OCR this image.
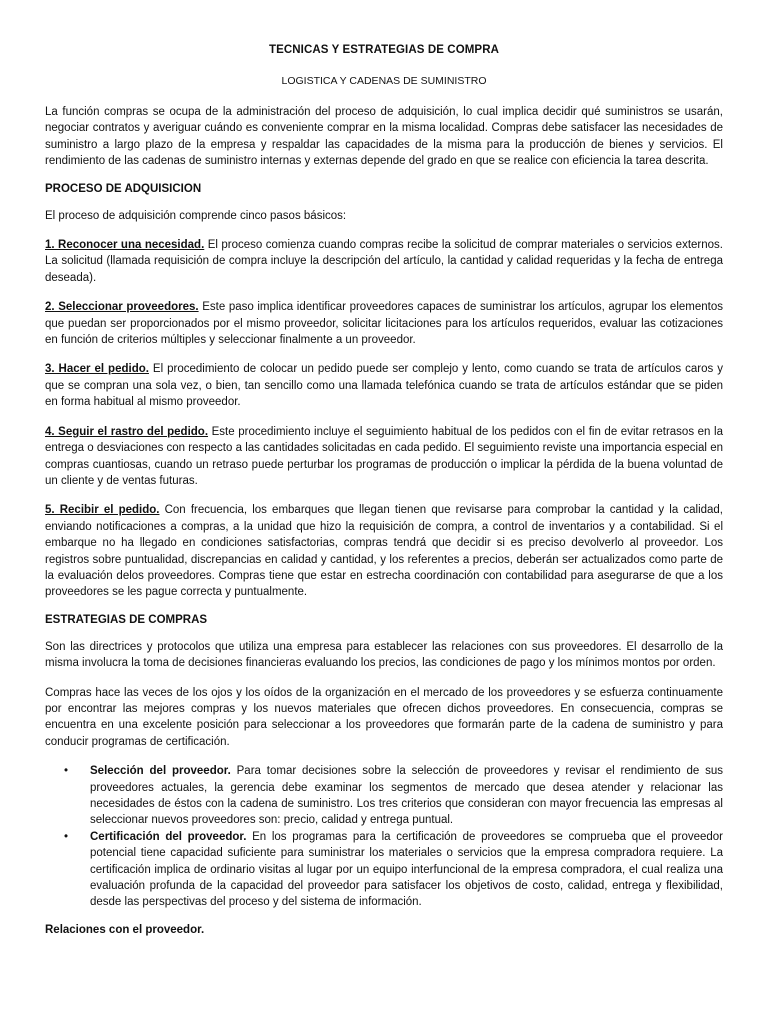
TECNICAS Y ESTRATEGIAS DE COMPRA
LOGISTICA Y CADENAS DE SUMINISTRO

La función compras se ocupa de la administración del proceso de adquisición, lo cual implica decidir qué suministros se usarán, negociar contratos y averiguar cuándo es conveniente comprar en la misma localidad. Compras debe satisfacer las necesidades de suministro a largo plazo de la empresa y respaldar las capacidades de la misma para la producción de bienes y servicios. El rendimiento de las cadenas de suministro internas y externas depende del grado en que se realice con eficiencia la tarea descrita.

PROCESO DE ADQUISICION

El proceso de adquisición comprende cinco pasos básicos:

1. Reconocer una necesidad. El proceso comienza cuando compras recibe la solicitud de comprar materiales o servicios externos. La solicitud (llamada requisición de compra incluye la descripción del artículo, la cantidad y calidad requeridas y la fecha de entrega deseada).

2. Seleccionar proveedores. Este paso implica identificar proveedores capaces de suministrar los artículos, agrupar los elementos que puedan ser proporcionados por el mismo proveedor, solicitar licitaciones para los artículos requeridos, evaluar las cotizaciones en función de criterios múltiples y seleccionar finalmente a un proveedor.

3. Hacer el pedido. El procedimiento de colocar un pedido puede ser complejo y lento, como cuando se trata de artículos caros y que se compran una sola vez, o bien, tan sencillo como una llamada telefónica cuando se trata de artículos estándar que se piden en forma habitual al mismo proveedor.

4. Seguir el rastro del pedido. Este procedimiento incluye el seguimiento habitual de los pedidos con el fin de evitar retrasos en la entrega o desviaciones con respecto a las cantidades solicitadas en cada pedido. El seguimiento reviste una importancia especial en compras cuantiosas, cuando un retraso puede perturbar los programas de producción o implicar la pérdida de la buena voluntad de un cliente y de ventas futuras.

5. Recibir el pedido. Con frecuencia, los embarques que llegan tienen que revisarse para comprobar la cantidad y la calidad, enviando notificaciones a compras, a la unidad que hizo la requisición de compra, a control de inventarios y a contabilidad. Si el embarque no ha llegado en condiciones satisfactorias, compras tendrá que decidir si es preciso devolverlo al proveedor. Los registros sobre puntualidad, discrepancias en calidad y cantidad, y los referentes a precios, deberán ser actualizados como parte de la evaluación delos proveedores. Compras tiene que estar en estrecha coordinación con contabilidad para asegurarse de que a los proveedores se les pague correcta y puntualmente.

ESTRATEGIAS DE COMPRAS

Son las directrices y protocolos que utiliza una empresa para establecer las relaciones con sus proveedores. El desarrollo de la misma involucra la toma de decisiones financieras evaluando los precios, las condiciones de pago y los mínimos montos por orden.

Compras hace las veces de los ojos y los oídos de la organización en el mercado de los proveedores y se esfuerza continuamente por encontrar las mejores compras y los nuevos materiales que ofrecen dichos proveedores. En consecuencia, compras se encuentra en una excelente posición para seleccionar a los proveedores que formarán parte de la cadena de suministro y para conducir programas de certificación.

• Selección del proveedor. Para tomar decisiones sobre la selección de proveedores y revisar el rendimiento de sus proveedores actuales, la gerencia debe examinar los segmentos de mercado que desea atender y relacionar las necesidades de éstos con la cadena de suministro. Los tres criterios que consideran con mayor frecuencia las empresas al seleccionar nuevos proveedores son: precio, calidad y entrega puntual.
• Certificación del proveedor. En los programas para la certificación de proveedores se comprueba que el proveedor potencial tiene capacidad suficiente para suministrar los materiales o servicios que la empresa compradora requiere. La certificación implica de ordinario visitas al lugar por un equipo interfuncional de la empresa compradora, el cual realiza una evaluación profunda de la capacidad del proveedor para satisfacer los objetivos de costo, calidad, entrega y flexibilidad, desde las perspectivas del proceso y del sistema de información.
Relaciones con el proveedor.
